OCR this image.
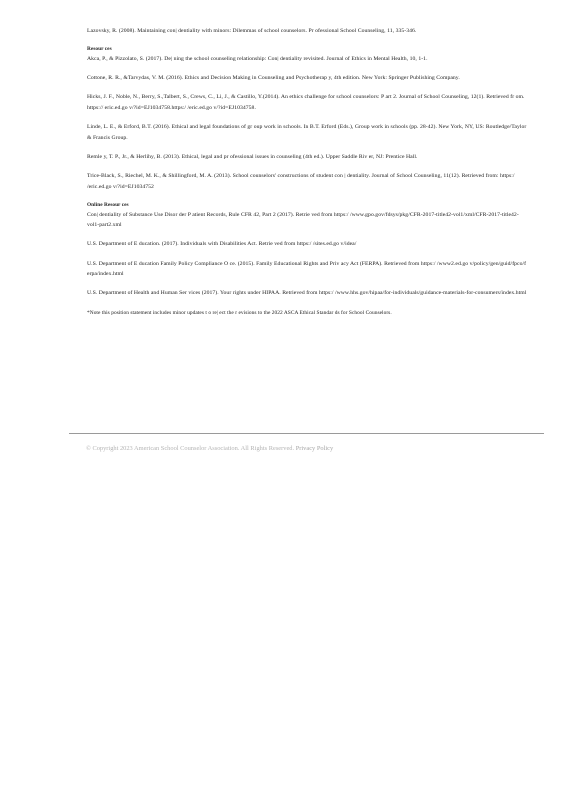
Lazovsky, R. (2008). Maintaining con| dentiality with minors: Dilemmas of school counselors. Pr ofessional School Counseling, 11, 335-346.

Resour ces

Akca, P., & Pizzolato, S. (2017). De| ning the school counseling relationship: Con| dentiality revisited. Journal of Ethics in Mental Health, 10, 1-1.

Cottone, R. R., &Tarvydas, V. M. (2016). Ethics and Decision Making in Counseling and Psychotherap y, 4th edition. New York: Springer Publishing Company.

Hicks, J. F., Noble, N., Berry, S.,Talbert, S., Crews, C., Li, J., & Castillo, Y.(2014). An ethics challenge for school counselors: P art 2. Journal of School Counseling, 12(1). Retrieved fr om. https:// eric.ed.go v/?id=EJ1034758.https:/ /eric.ed.go v/?id=EJ1034758.

Linde, L. E., & Erford, B.T. (2016). Ethical and legal foundations of gr oup work in schools. In B.T. Erford (Eds.), Group work in schools (pp. 28-42). New York, NY, US: Routledge/Taylor & Francis Group.

Remle y, T. P., Jr., & Herlihy, B. (2013). Ethical, legal and pr ofessional issues in counseling (4th ed.). Upper Saddle Riv er, NJ: Prentice Hall.

Trice-Black, S., Riechel, M. K., & Shillingford, M. A. (2013). School counselors' constructions of student con | dentiality. Journal of School Counseling, 11(12). Retrieved from: https:/ /eric.ed.go v/?id=EJ1034752

Online Resour ces

Con| dentiality of Substance Use Disor der P atient Records, Rule CFR 42, Part 2 (2017). Retrie ved from https:/ /www.gpo.gov/fdsys/pkg/CFR-2017-title42-vol1/xml/CFR-2017-title42-vol1-part2.xml

U.S. Department of E ducation. (2017). Individuals with Disabilities Act. Retrie ved from https:/ /sites.ed.go v/idea/

U.S. Department of E ducation Family Policy Compliance O ce. (2015). Family Educational Rights and Priv acy Act (FERPA). Retrieved from https:/ /www2.ed.go v/policy/gen/guid/fpco/f erpa/index.html

U.S. Department of Health and Human Ser vices (2017). Your rights under HIPAA. Retrieved from https:/ /www.hhs.gov/hipaa/for-individuals/guidance-materials-for-consumers/index.html

*Note this position statement includes minor updates t o re| ect the r evisions to the 2022 ASCA Ethical Standar ds for School Counselors.

© Copyright 2023 American School Counselor Association. All Rights Reserved. Privacy Policy
